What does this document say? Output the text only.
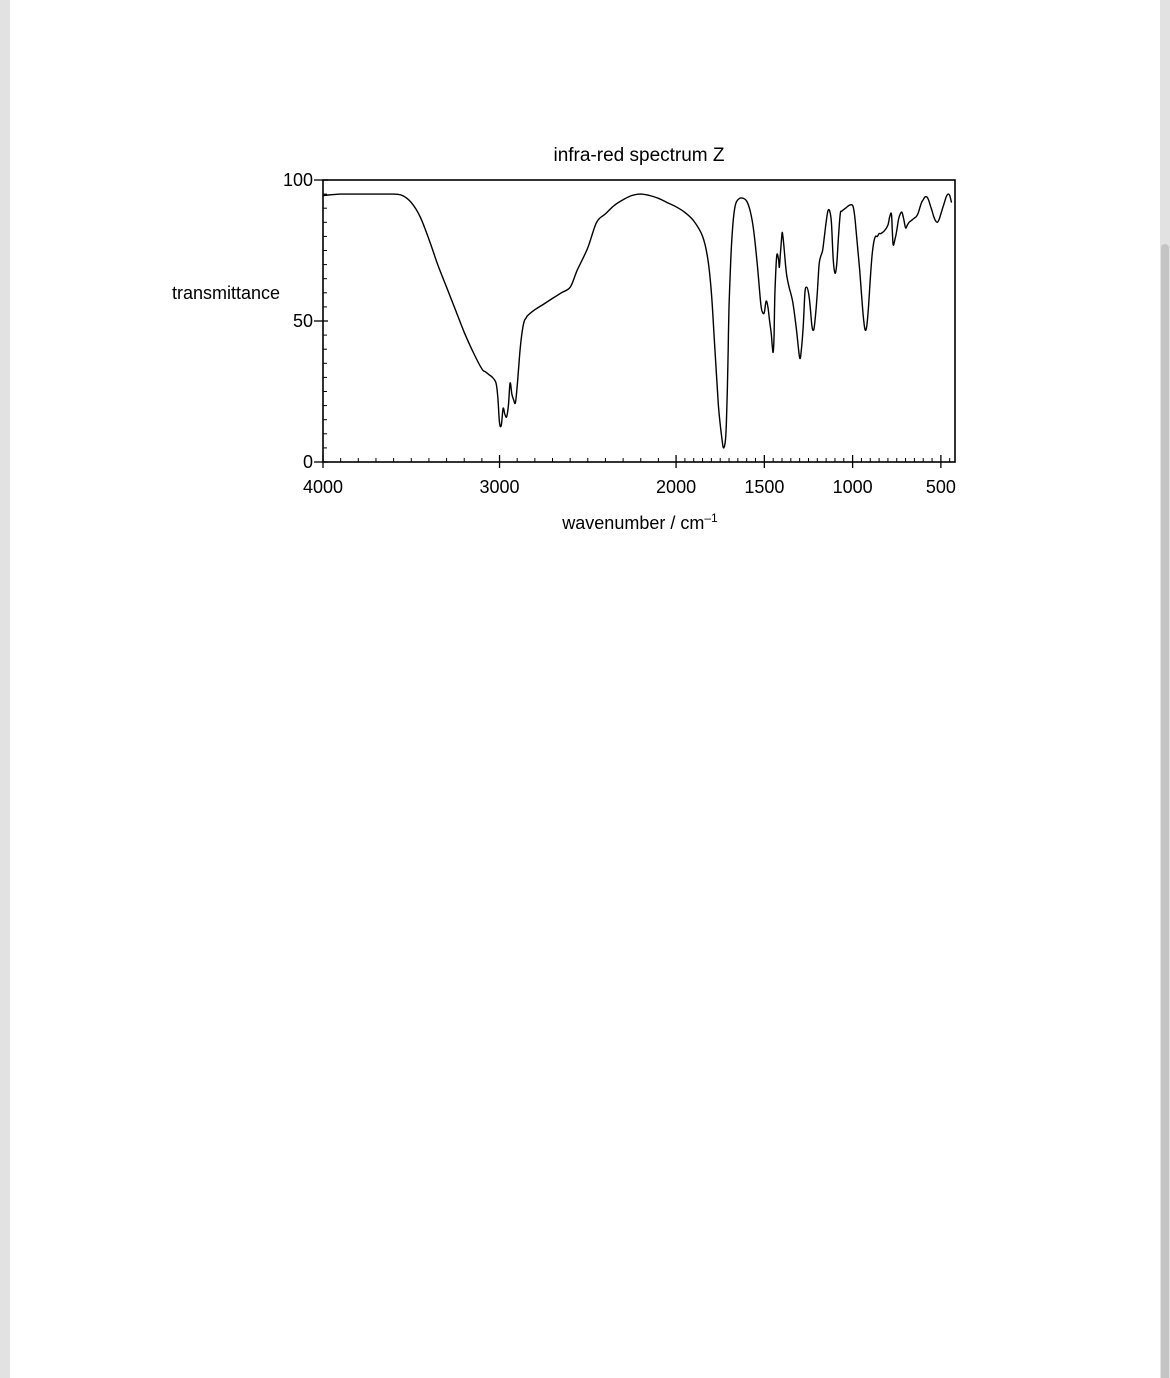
infra-red spectrum Z
transmittance
wavenumber / $cm^{-1}$
4000	3000	2000	1500	1000	500
0
50
100
